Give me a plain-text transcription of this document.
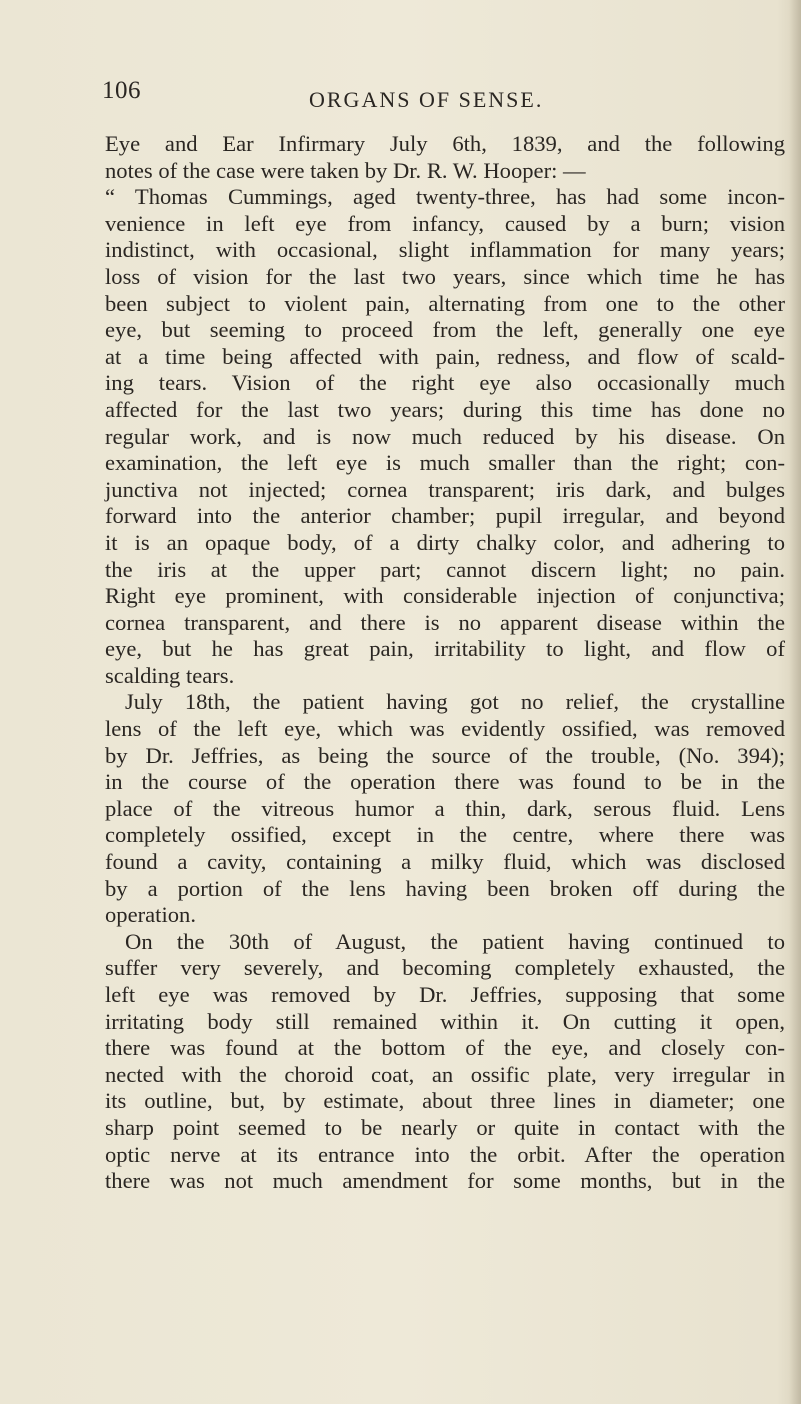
106	ORGANS OF SENSE.
Eye and Ear Infirmary July 6th, 1839, and the following
notes of the case were taken by Dr. R. W. Hooper: —
“ Thomas Cummings, aged twenty-three, has had some incon-
venience in left eye from infancy, caused by a burn; vision
indistinct, with occasional, slight inflammation for many years;
loss of vision for the last two years, since which time he has
been subject to violent pain, alternating from one to the other
eye, but seeming to proceed from the left, generally one eye
at a time being affected with pain, redness, and flow of scald-
ing tears. Vision of the right eye also occasionally much
affected for the last two years; during this time has done no
regular work, and is now much reduced by his disease. On
examination, the left eye is much smaller than the right; con-
junctiva not injected; cornea transparent; iris dark, and bulges
forward into the anterior chamber; pupil irregular, and beyond
it is an opaque body, of a dirty chalky color, and adhering to
the iris at the upper part; cannot discern light; no pain.
Right eye prominent, with considerable injection of conjunctiva;
cornea transparent, and there is no apparent disease within the
eye, but he has great pain, irritability to light, and flow of
scalding tears.
July 18th, the patient having got no relief, the crystalline
lens of the left eye, which was evidently ossified, was removed
by Dr. Jeffries, as being the source of the trouble, (No. 394);
in the course of the operation there was found to be in the
place of the vitreous humor a thin, dark, serous fluid. Lens
completely ossified, except in the centre, where there was
found a cavity, containing a milky fluid, which was disclosed
by a portion of the lens having been broken off during the
operation.
On the 30th of August, the patient having continued to
suffer very severely, and becoming completely exhausted, the
left eye was removed by Dr. Jeffries, supposing that some
irritating body still remained within it. On cutting it open,
there was found at the bottom of the eye, and closely con-
nected with the choroid coat, an ossific plate, very irregular in
its outline, but, by estimate, about three lines in diameter; one
sharp point seemed to be nearly or quite in contact with the
optic nerve at its entrance into the orbit. After the operation
there was not much amendment for some months, but in the
